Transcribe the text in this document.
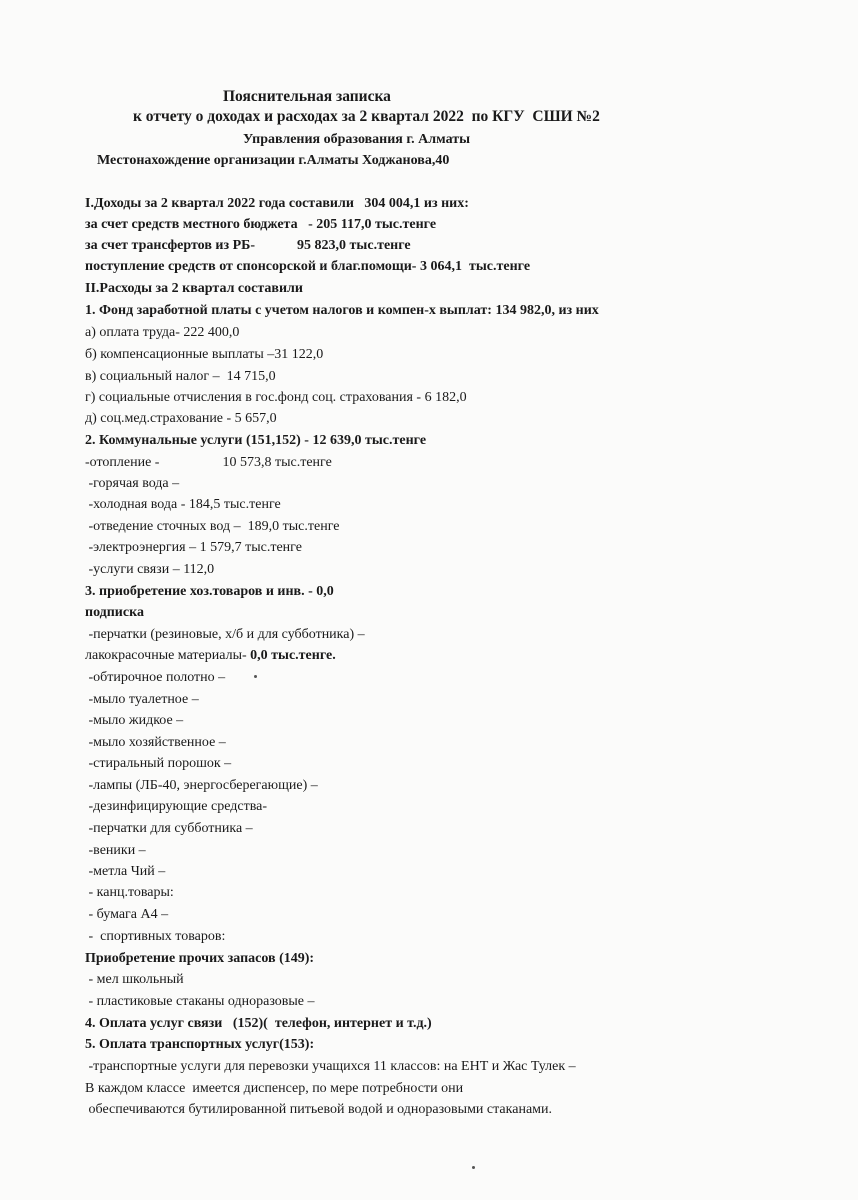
Пояснительная записка
к отчету о доходах и расходах за 2 квартал 2022  по КГУ  СШИ №2
Управления образования г. Алматы
Местонахождение организации г.Алматы Ходжанова,40
I.Доходы за 2 квартал 2022 года составили   304 004,1 из них:
за счет средств местного бюджета   - 205 117,0 тыс.тенге
за счет трансфертов из РБ-            95 823,0 тыс.тенге
поступление средств от спонсорской и благ.помощи- 3 064,1  тыс.тенге
II.Расходы за 2 квартал составили
1. Фонд заработной платы с учетом налогов и компен-х выплат: 134 982,0, из них
а) оплата труда- 222 400,0
б) компенсационные выплаты –31 122,0
в) социальный налог –  14 715,0
г) социальные отчисления в гос.фонд соц. страхования - 6 182,0
д) соц.мед.страхование - 5 657,0
2. Коммунальные услуги (151,152) - 12 639,0 тыс.тенге
-отопление -                  10 573,8 тыс.тенге
-горячая вода –
-холодная вода - 184,5 тыс.тенге
-отведение сточных вод –  189,0 тыс.тенге
-электроэнергия – 1 579,7 тыс.тенге
-услуги связи – 112,0
3. приобретение хоз.товаров и инв. - 0,0
подписка
-перчатки (резиновые, х/б и для субботника) –
лакокрасочные материалы- 0,0 тыс.тенге.
-обтирочное полотно –
-мыло туалетное –
-мыло жидкое –
-мыло хозяйственное –
-стиральный порошок –
-лампы (ЛБ-40, энергосберегающие) –
-дезинфицирующие средства-
-перчатки для субботника –
-веники –
-метла Чий –
- канц.товары:
- бумага А4 –
-  спортивных товаров:
Приобретение прочих запасов (149):
- мел школьный
- пластиковые стаканы одноразовые –
4. Оплата услуг связи   (152)(  телефон, интернет и т.д.)
5. Оплата транспортных услуг(153):
-транспортные услуги для перевозки учащихся 11 классов: на ЕНТ и Жас Тулек –
В каждом классе  имеется диспенсер, по мере потребности они
обеспечиваются бутилированной питьевой водой и одноразовыми стаканами.
